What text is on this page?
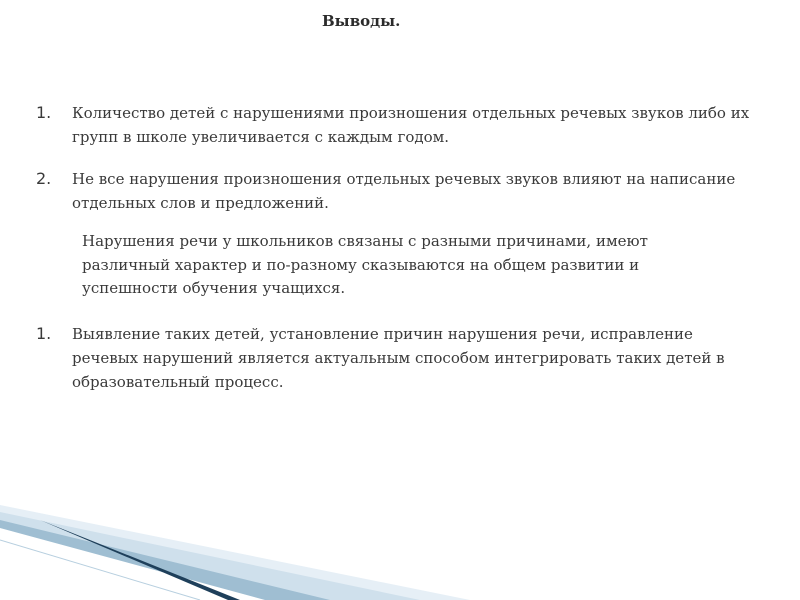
Выводы.
1. Количество детей с нарушениями произношения отдельных речевых звуков либо их групп в школе увеличивается с каждым годом.
2. Не все нарушения произношения отдельных речевых звуков влияют на написание отдельных слов и предложений.
Нарушения речи у школьников связаны с разными причинами, имеют различный характер и по-разному сказываются на общем развитии и успешности обучения учащихся.
1. Выявление таких детей, установление причин нарушения речи, исправление речевых нарушений является актуальным способом интегрировать таких детей в образовательный процесс.
